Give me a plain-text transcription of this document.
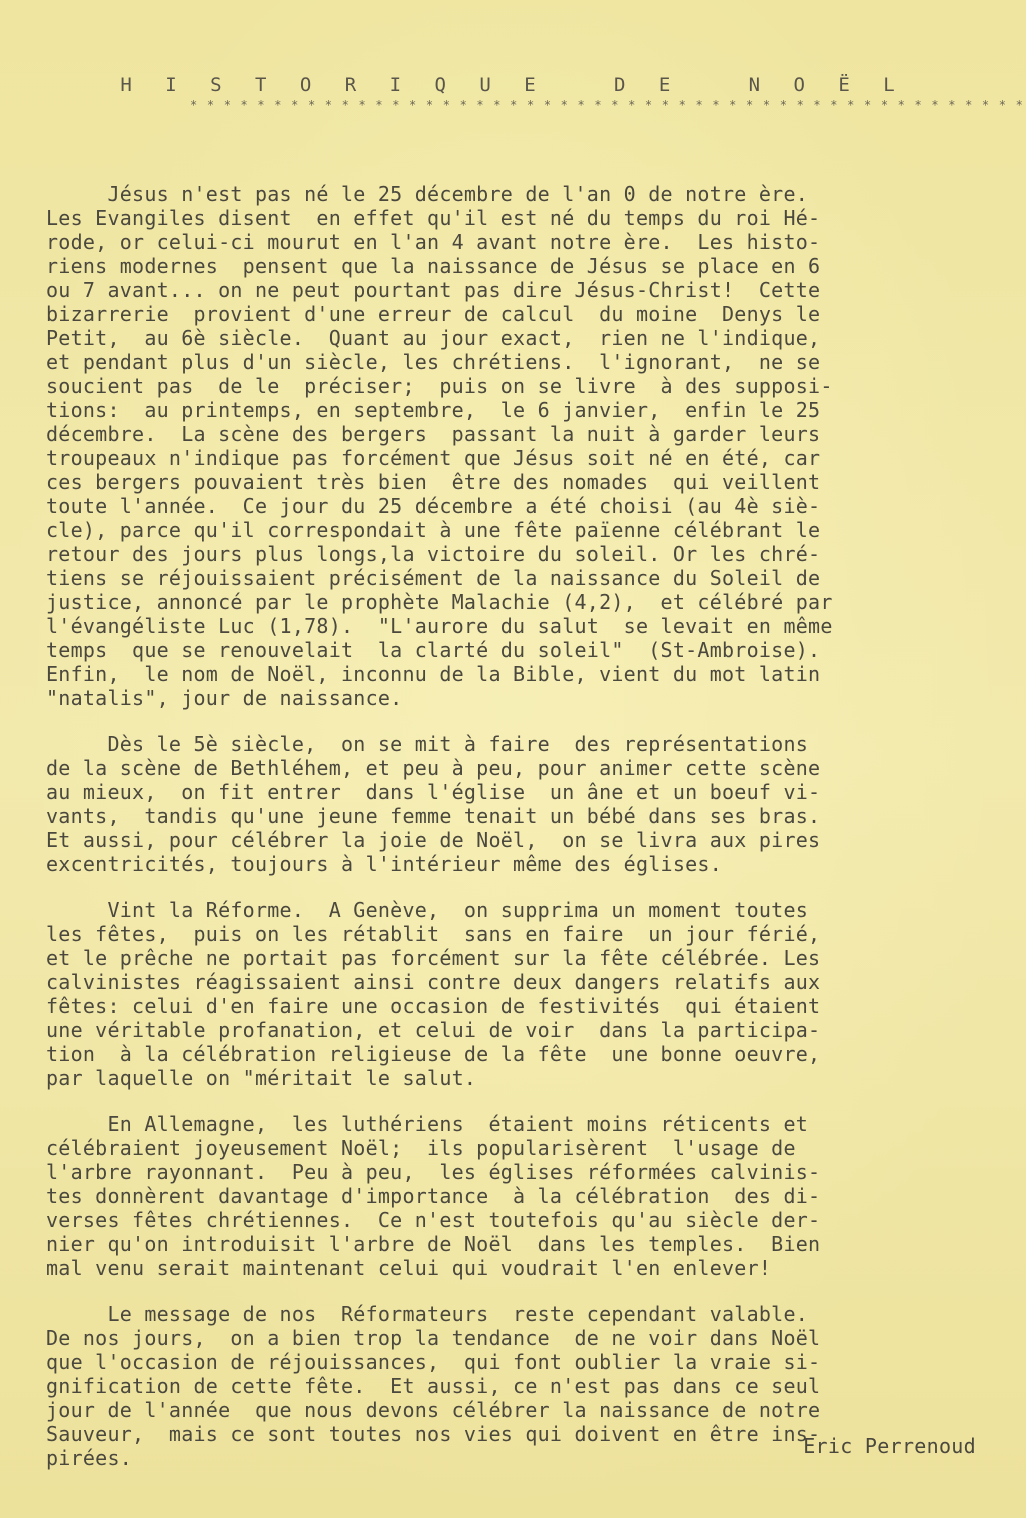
H I S T O R I Q U E   D E   N O Ë L
* * * * * * * * * * * * * * * * * * * * * * * * * * * * * * * * * * * * * * * * * * * * * * * * * *
Jésus n'est pas né le 25 décembre de l'an 0 de notre ère.
Les Evangiles disent  en effet qu'il est né du temps du roi Hé-
rode, or celui-ci mourut en l'an 4 avant notre ère.  Les histo-
riens modernes  pensent que la naissance de Jésus se place en 6
ou 7 avant... on ne peut pourtant pas dire Jésus-Christ!  Cette
bizarrerie  provient d'une erreur de calcul  du moine  Denys le
Petit,  au 6è siècle.  Quant au jour exact,  rien ne l'indique,
et pendant plus d'un siècle, les chrétiens.  l'ignorant,  ne se
soucient pas  de le  préciser;  puis on se livre  à des supposi-
tions:  au printemps, en septembre,  le 6 janvier,  enfin le 25
décembre.  La scène des bergers  passant la nuit à garder leurs
troupeaux n'indique pas forcément que Jésus soit né en été, car
ces bergers pouvaient très bien  être des nomades  qui veillent
toute l'année.  Ce jour du 25 décembre a été choisi (au 4è siè-
cle), parce qu'il correspondait à une fête païenne célébrant le
retour des jours plus longs,la victoire du soleil. Or les chré-
tiens se réjouissaient précisément de la naissance du Soleil de
justice, annoncé par le prophète Malachie (4,2),  et célébré par
l'évangéliste Luc (1,78).  "L'aurore du salut  se levait en même
temps  que se renouvelait  la clarté du soleil"  (St-Ambroise).
Enfin,  le nom de Noël, inconnu de la Bible, vient du mot latin
"natalis", jour de naissance.
Dès le 5è siècle,  on se mit à faire  des représentations
de la scène de Bethléhem, et peu à peu, pour animer cette scène
au mieux,  on fit entrer  dans l'église  un âne et un boeuf vi-
vants,  tandis qu'une jeune femme tenait un bébé dans ses bras.
Et aussi, pour célébrer la joie de Noël,  on se livra aux pires
excentricités, toujours à l'intérieur même des églises.
Vint la Réforme.  A Genève,  on supprima un moment toutes
les fêtes,  puis on les rétablit  sans en faire  un jour férié,
et le prêche ne portait pas forcément sur la fête célébrée. Les
calvinistes réagissaient ainsi contre deux dangers relatifs aux
fêtes: celui d'en faire une occasion de festivités  qui étaient
une véritable profanation, et celui de voir  dans la participa-
tion  à la célébration religieuse de la fête  une bonne oeuvre,
par laquelle on "méritait le salut.
En Allemagne,  les luthériens  étaient moins réticents et
célébraient joyeusement Noël;  ils popularisèrent  l'usage de
l'arbre rayonnant.  Peu à peu,  les églises réformées calvinis-
tes donnèrent davantage d'importance  à la célébration  des di-
verses fêtes chrétiennes.  Ce n'est toutefois qu'au siècle der-
nier qu'on introduisit l'arbre de Noël  dans les temples.  Bien
mal venu serait maintenant celui qui voudrait l'en enlever!
Le message de nos  Réformateurs  reste cependant valable.
De nos jours,  on a bien trop la tendance  de ne voir dans Noël
que l'occasion de réjouissances,  qui font oublier la vraie si-
gnification de cette fête.  Et aussi, ce n'est pas dans ce seul
jour de l'année  que nous devons célébrer la naissance de notre
Sauveur,  mais ce sont toutes nos vies qui doivent en être ins-
pirées.	Eric Perrenoud
